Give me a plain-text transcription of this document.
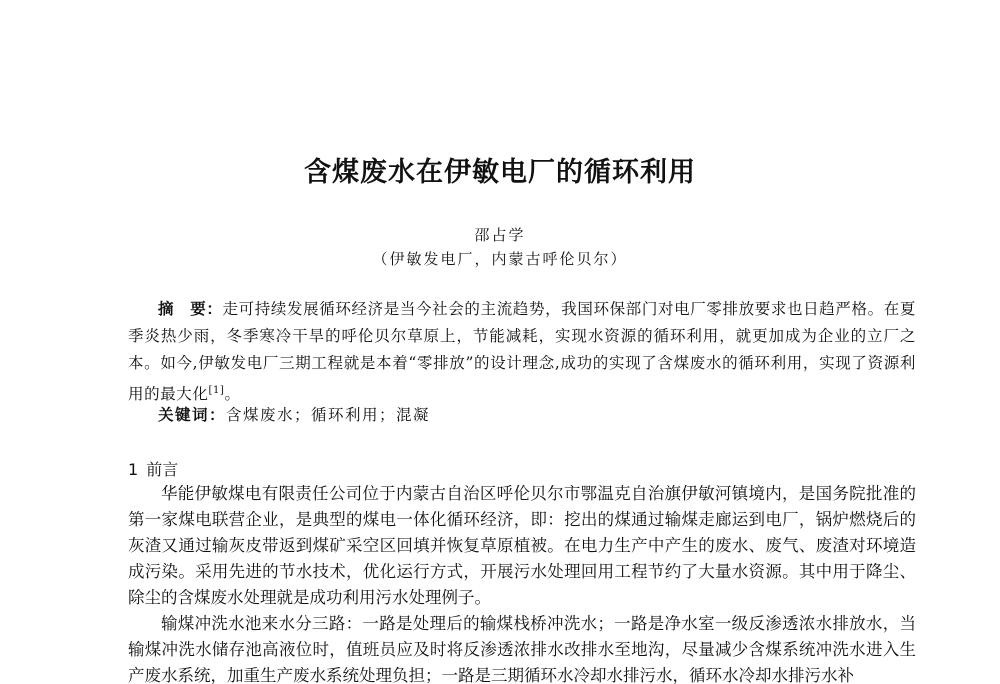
含煤废水在伊敏电厂的循环利用
邵占学
（伊敏发电厂，内蒙古呼伦贝尔）
摘　要：走可持续发展循环经济是当今社会的主流趋势，我国环保部门对电厂零排放要求也日趋严格。在夏季炎热少雨，冬季寒冷干旱的呼伦贝尔草原上，节能减耗，实现水资源的循环利用，就更加成为企业的立厂之本。如今,伊敏发电厂三期工程就是本着“零排放”的设计理念,成功的实现了含煤废水的循环利用，实现了资源利用的最大化[1]。
关键词：含煤废水；循环利用；混凝
1 前言
华能伊敏煤电有限责任公司位于内蒙古自治区呼伦贝尔市鄂温克自治旗伊敏河镇境内，是国务院批准的第一家煤电联营企业，是典型的煤电一体化循环经济，即：挖出的煤通过输煤走廊运到电厂，锅炉燃烧后的灰渣又通过输灰皮带返到煤矿采空区回填并恢复草原植被。在电力生产中产生的废水、废气、废渣对环境造成污染。采用先进的节水技术，优化运行方式，开展污水处理回用工程节约了大量水资源。其中用于降尘、除尘的含煤废水处理就是成功利用污水处理例子。
输煤冲洗水池来水分三路：一路是处理后的输煤栈桥冲洗水；一路是净水室一级反渗透浓水排放水，当输煤冲洗水储存池高液位时，值班员应及时将反渗透浓排水改排水至地沟，尽量减少含煤系统冲洗水进入生产废水系统，加重生产废水系统处理负担；一路是三期循环水冷却水排污水，循环水冷却水排污水补
